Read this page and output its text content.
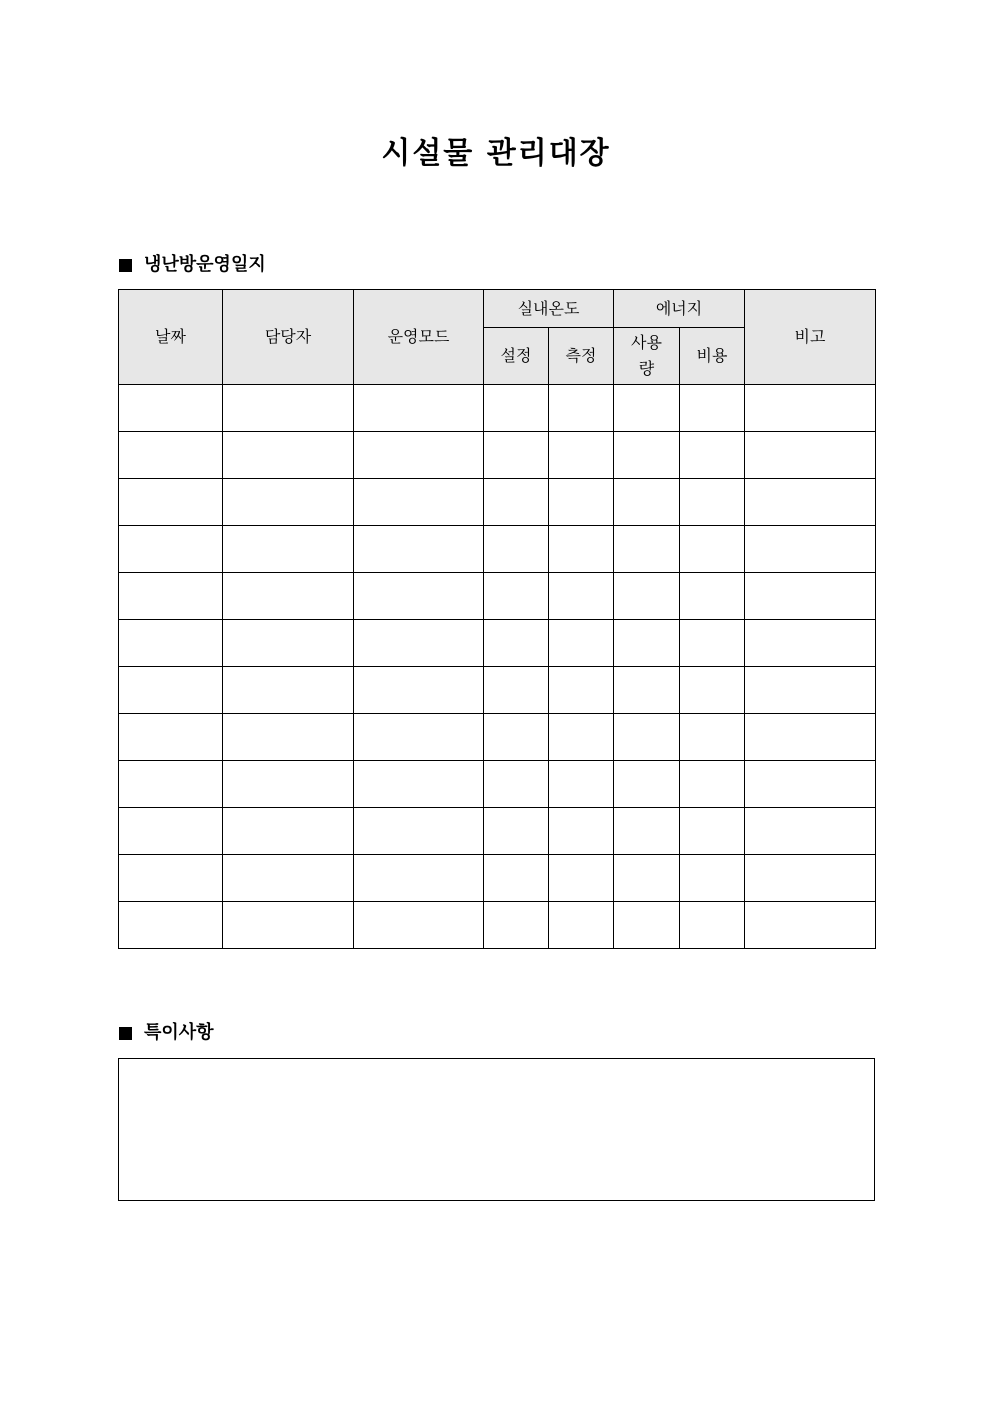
시설물 관리대장
냉난방운영일지
날짜	담당자	운영모드	실내온도		에너지		비고
			설정	측정	사용량	비용	

특이사항
